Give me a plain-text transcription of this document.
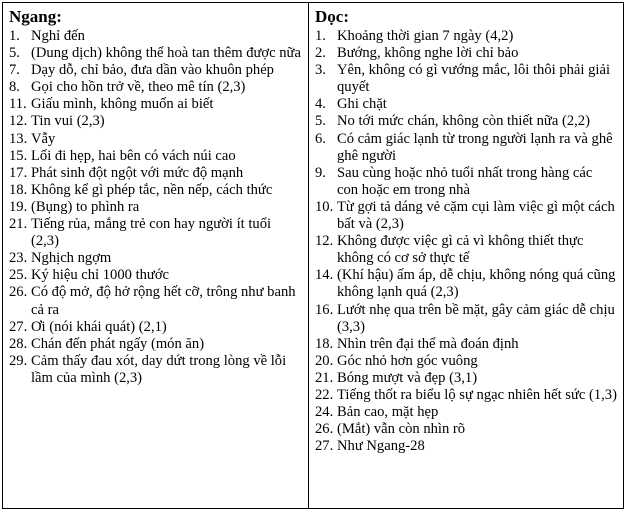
Ngang:
1. Nghỉ đến
5. (Dung dịch) không thể hoà tan thêm được nữa
7. Dạy dỗ, chỉ bảo, đưa dần vào khuôn phép
8. Gọi cho hồn trở về, theo mê tín (2,3)
11. Giấu mình, không muốn ai biết
12. Tin vui (2,3)
13. Vẫy
15. Lối đi hẹp, hai bên có vách núi cao
17. Phát sinh đột ngột với mức độ mạnh
18. Không kể gì phép tắc, nền nếp, cách thức
19. (Bụng) to phình ra
21. Tiếng rủa, mắng trẻ con hay người ít tuổi (2,3)
23. Nghịch ngợm
25. Ký hiệu chỉ 1000 thước
26. Có độ mở, độ hở rộng hết cỡ, trông như banh cả ra
27. Ơi (nói khái quát) (2,1)
28. Chán đến phát ngấy (món ăn)
29. Cảm thấy đau xót, day dứt trong lòng về lỗi lầm của mình (2,3)
Dọc:
1. Khoảng thời gian 7 ngày (4,2)
2. Bướng, không nghe lời chỉ bảo
3. Yên, không có gì vướng mắc, lôi thôi phải giải quyết
4. Ghi chặt
5. No tới mức chán, không còn thiết nữa (2,2)
6. Có cảm giác lạnh từ trong người lạnh ra và ghê ghê người
9. Sau cùng hoặc nhỏ tuổi nhất trong hàng các con hoặc em trong nhà
10. Từ gợi tả dáng vẻ cặm cụi làm việc gì một cách bất và (2,3)
12. Không được việc gì cả vì không thiết thực không có cơ sở thực tế
14. (Khí hậu) ấm áp, dễ chịu, không nóng quá cũng không lạnh quá (2,3)
16. Lướt nhẹ qua trên bề mặt, gây cảm giác dễ chịu (3,3)
18. Nhìn trên đại thể mà đoán định
20. Góc nhỏ hơn góc vuông
21. Bóng mượt và đẹp (3,1)
22. Tiếng thốt ra biểu lộ sự ngạc nhiên hết sức (1,3)
24. Bản cao, mặt hẹp
26. (Mắt) vẫn còn nhìn rõ
27. Như Ngang-28
